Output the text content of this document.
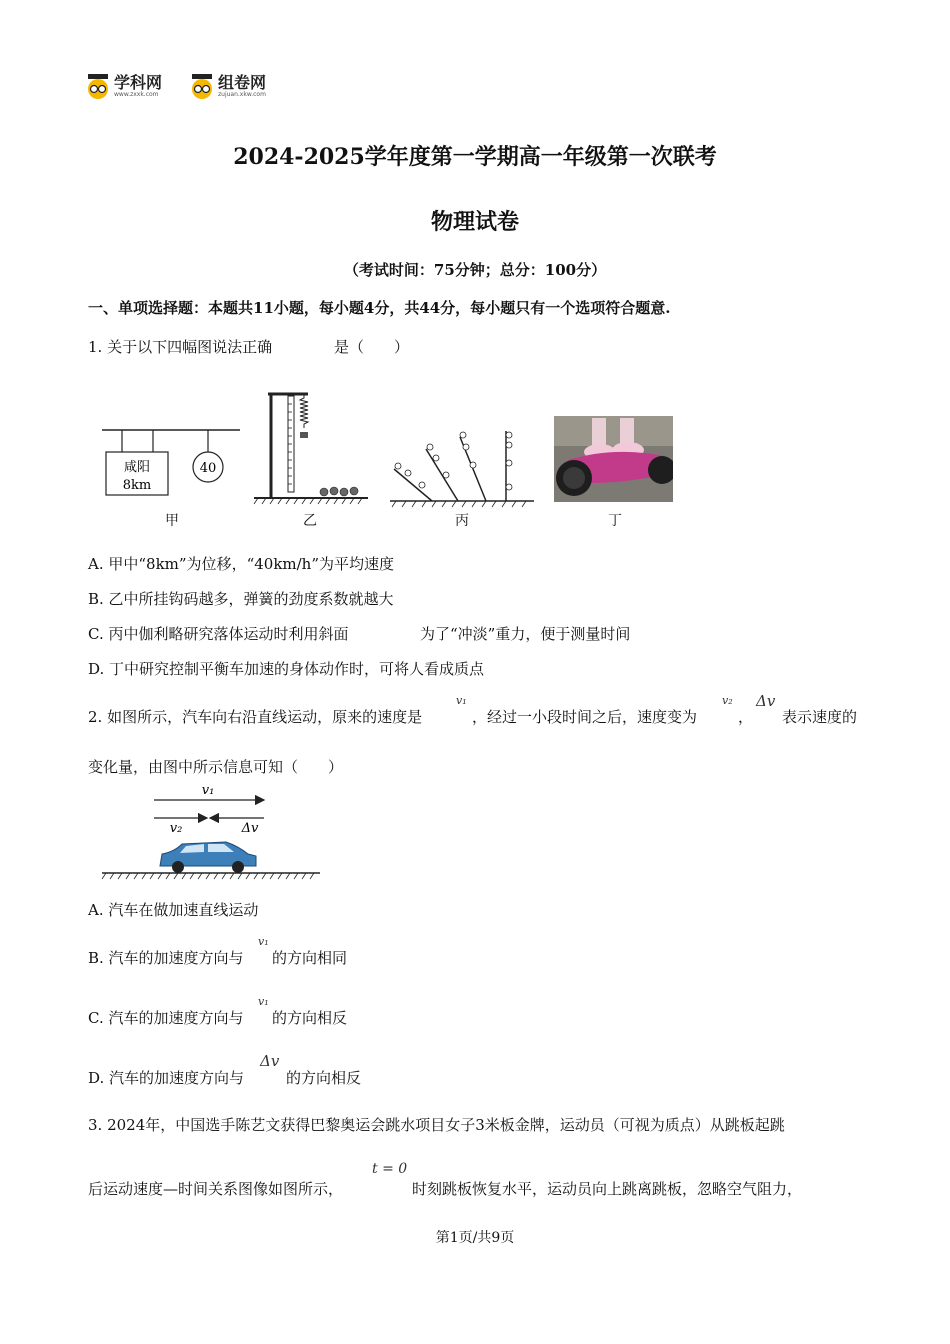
学科网
www.zxxk.com
组卷网
zujuan.xkw.com
2024-2025学年度第一学期高一年级第一次联考
物理试卷
（考试时间：75分钟；总分：100分）
一、单项选择题：本题共11小题，每小题4分，共44分，每小题只有一个选项符合题意.
1. 关于以下四幅图说法正确	是（　　）
咸阳
8km
40
甲	乙	丙	丁
A. 甲中“8km”为位移，“40km/h”为平均速度
B. 乙中所挂钩码越多，弹簧的劲度系数就越大
C. 丙中伽利略研究落体运动时利用斜面	为了“冲淡”重力，便于测量时间
D. 丁中研究控制平衡车加速的身体动作时，可将人看成质点
2. 如图所示，汽车向右沿直线运动，原来的速度是
v₁
，经过一小段时间之后，速度变为
v₂
，
Δv
表示速度的
变化量，由图中所示信息可知（　　）
v₁
v₂	Δv
A. 汽车在做加速直线运动
B. 汽车的加速度方向与
v₁
的方向相同
C. 汽车的加速度方向与
v₁
的方向相反
D. 汽车的加速度方向与
Δv
的方向相反
3. 2024年，中国选手陈艺文获得巴黎奥运会跳水项目女子3米板金牌，运动员（可视为质点）从跳板起跳
后运动速度—时间关系图像如图所示，
t = 0
时刻跳板恢复水平，运动员向上跳离跳板，忽略空气阻力，
第1页/共9页
